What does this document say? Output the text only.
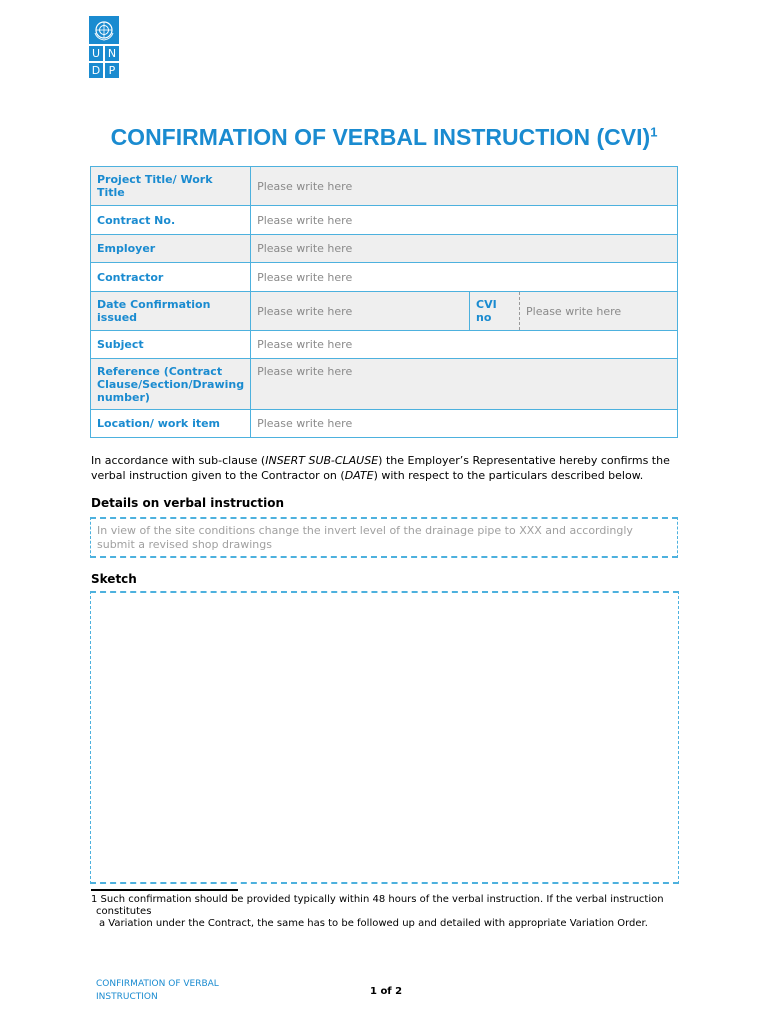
U N
D P
CONFIRMATION OF VERBAL INSTRUCTION (CVI)$^1$
Project Title/ Work Title	Please write here		
Contract No.	Please write here		
Employer	Please write here		
Contractor	Please write here		
Date Confirmation issued	Please write here	CVI no	Please write here
Subject	Please write here		
Reference (Contract Clause/Section/Drawing number)	Please write here		
Location/ work item	Please write here		
In accordance with sub-clause (INSERT SUB-CLAUSE) the Employer’s Representative hereby confirms the verbal instruction given to the Contractor on (DATE) with respect to the particulars described below.
Details on verbal instruction
In view of the site conditions change the invert level of the drainage pipe to XXX and accordingly submit a revised shop drawings
Sketch
1 Such confirmation should be provided typically within 48 hours of the verbal instruction. If the verbal instruction
constitutes
a Variation under the Contract, the same has to be followed up and detailed with appropriate Variation Order.
CONFIRMATION OF VERBAL INSTRUCTION	1 of 2
